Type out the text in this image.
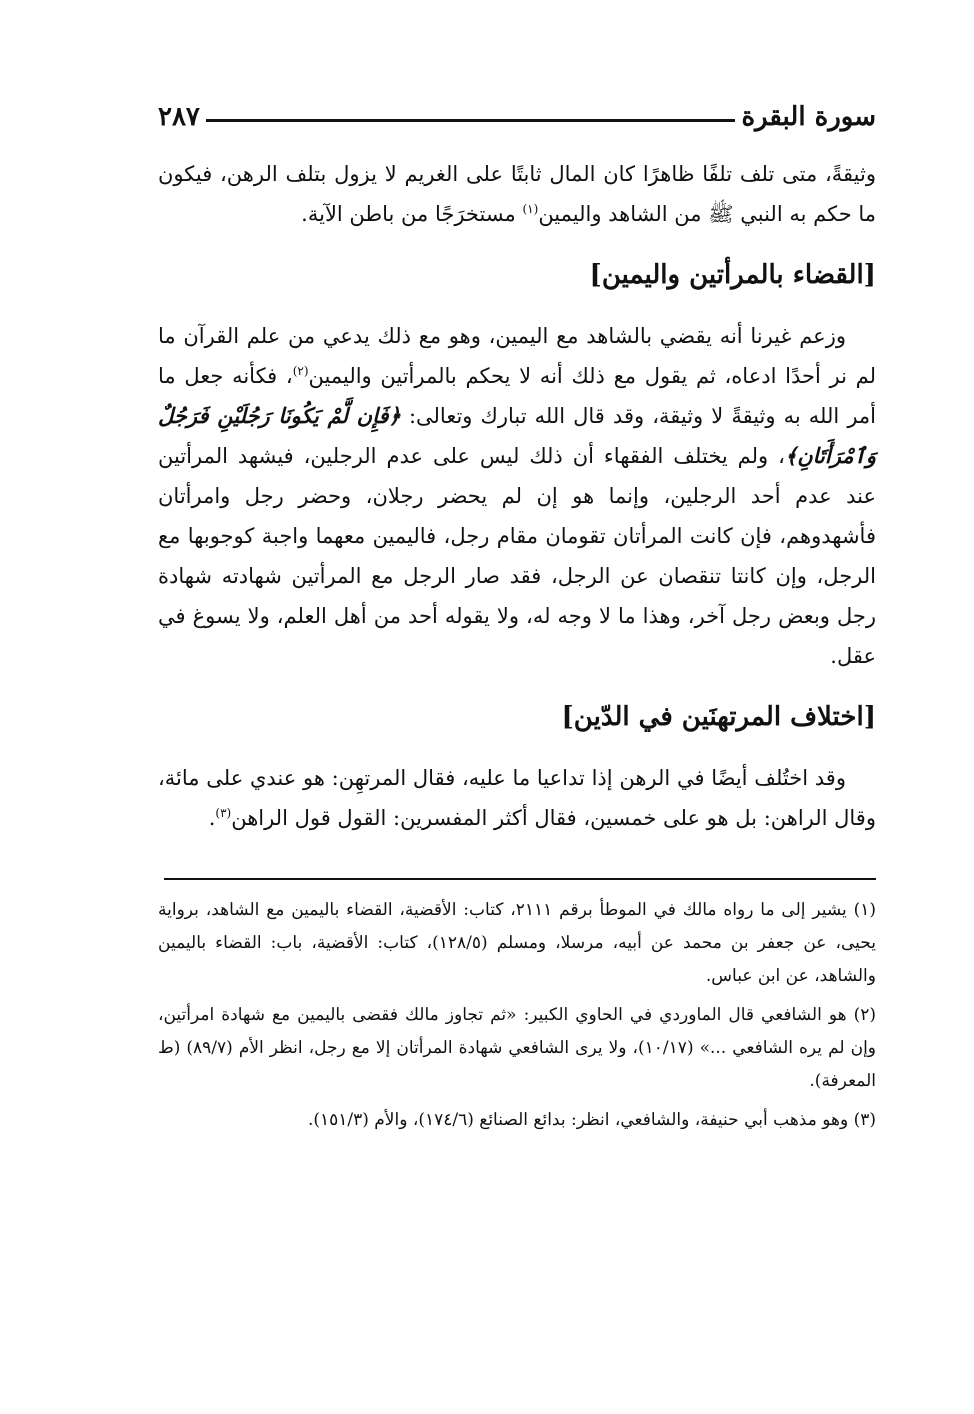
سورة البقرة
٢٨٧

وثيقةً، متى تلف تلفًا ظاهرًا كان المال ثابتًا على الغريم لا يزول بتلف الرهن، فيكون ما حكم به النبي ﷺ من الشاهد واليمين$^{(١)}$ مستخرَجًا من باطن الآية.

[القضاء بالمرأتين واليمين]

وزعم غيرنا أنه يقضي بالشاهد مع اليمين، وهو مع ذلك يدعي من علم القرآن ما لم نر أحدًا ادعاه، ثم يقول مع ذلك أنه لا يحكم بالمرأتين واليمين$^{(٢)}$، فكأنه جعل ما أمر الله به وثيقةً لا وثيقة، وقد قال الله تبارك وتعالى: ﴿فَإِن لَّمْ يَكُونَا رَجُلَيْنِ فَرَجُلٌ وَٱمْرَأَتَانِ﴾، ولم يختلف الفقهاء أن ذلك ليس على عدم الرجلين، فيشهد المرأتين عند عدم أحد الرجلين، وإنما هو إن لم يحضر رجلان، وحضر رجل وامرأتان فأشهدوهم، فإن كانت المرأتان تقومان مقام رجل، فاليمين معهما واجبة كوجوبها مع الرجل، وإن كانتا تنقصان عن الرجل، فقد صار الرجل مع المرأتين شهادته شهادة رجل وبعض رجل آخر، وهذا ما لا وجه له، ولا يقوله أحد من أهل العلم، ولا يسوغ في عقل.

[اختلاف المرتهنَين في الدّين]

وقد اختُلف أيضًا في الرهن إذا تداعيا ما عليه، فقال المرتهِن: هو عندي على مائة، وقال الراهن: بل هو على خمسين، فقال أكثر المفسرين: القول قول الراهن$^{(٣)}$.

(١) يشير إلى ما رواه مالك في الموطأ برقم ٢١١١، كتاب: الأقضية، القضاء باليمين مع الشاهد، برواية يحيى، عن جعفر بن محمد عن أبيه، مرسلا، ومسلم (١٢٨/٥)، كتاب: الأقضية، باب: القضاء باليمين والشاهد، عن ابن عباس.

(٢) هو الشافعي قال الماوردي في الحاوي الكبير: «ثم تجاوز مالك فقضى باليمين مع شهادة امرأتين، وإن لم يره الشافعي ...» (١٠/١٧)، ولا يرى الشافعي شهادة المرأتان إلا مع رجل، انظر الأم (٨٩/٧) (ط المعرفة).

(٣) وهو مذهب أبي حنيفة، والشافعي، انظر: بدائع الصنائع (١٧٤/٦)، والأم (١٥١/٣).
